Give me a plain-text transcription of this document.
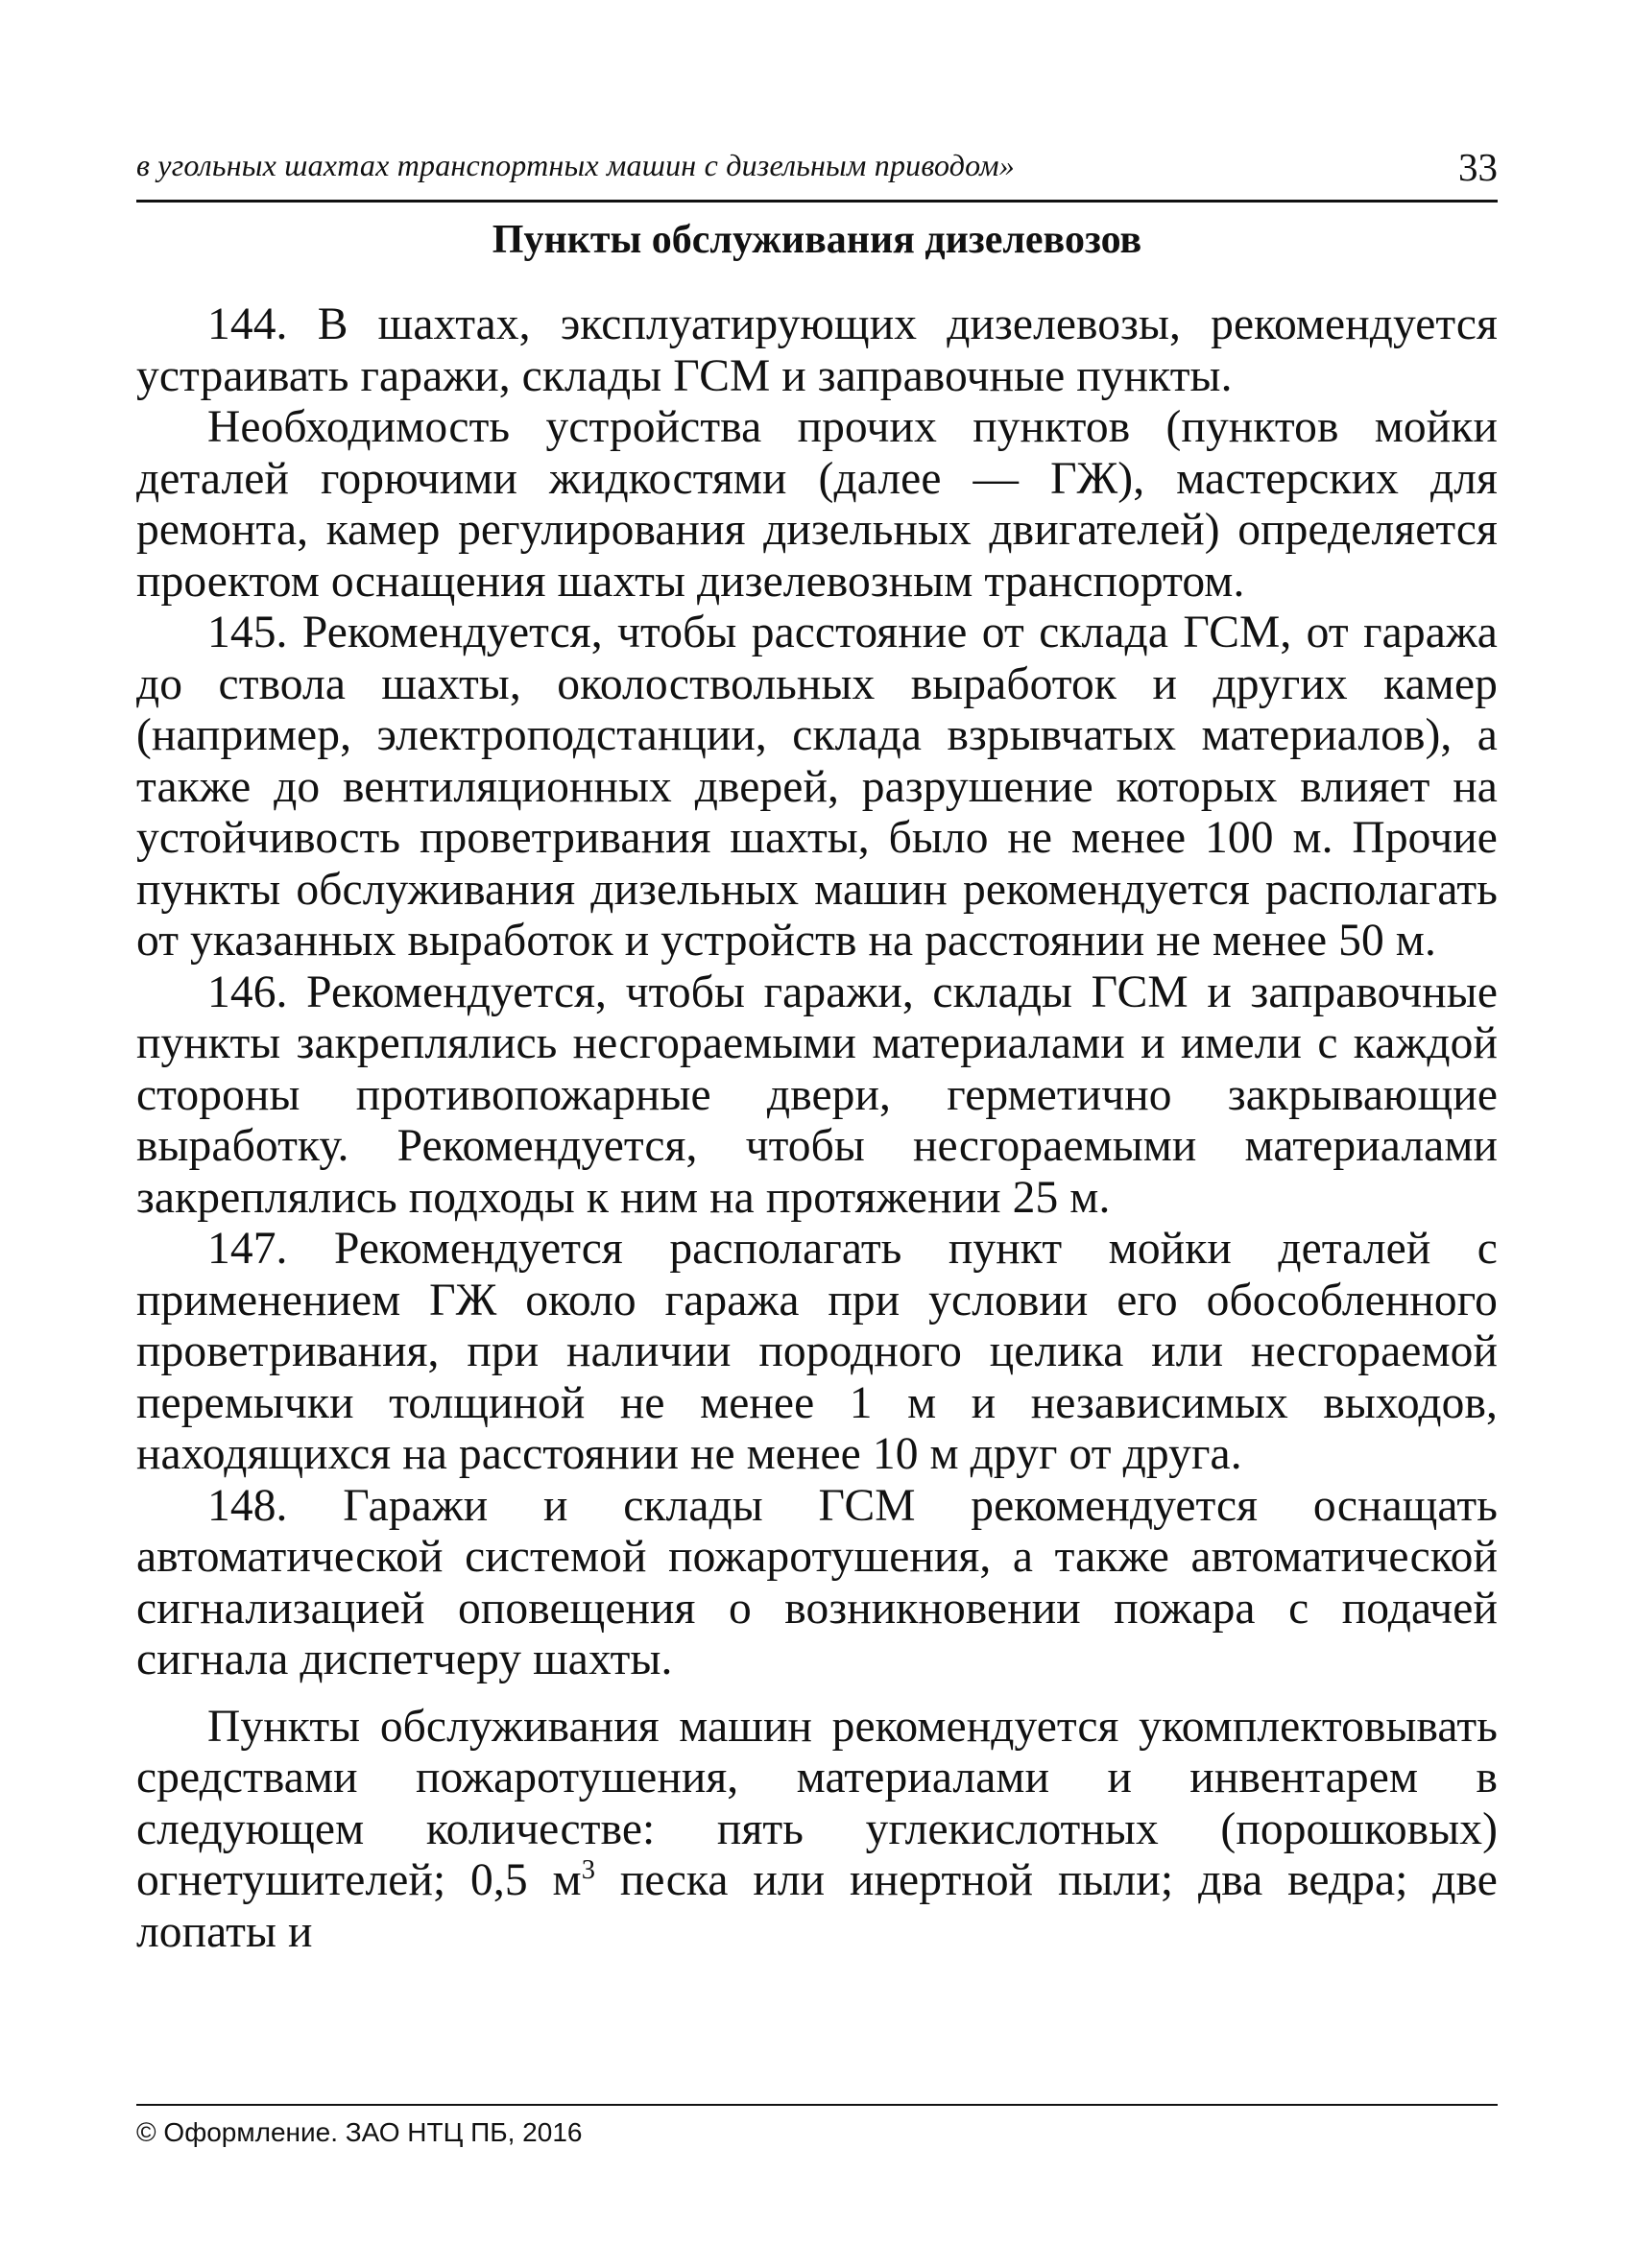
в угольных шахтах транспортных машин с дизельным приводом»	33
Пункты обслуживания дизелевозов

144. В шахтах, эксплуатирующих дизелевозы, рекомендуется устраивать гаражи, склады ГСМ и заправочные пункты.

Необходимость устройства прочих пунктов (пунктов мойки деталей горючими жидкостями (далее — ГЖ), мастерских для ремонта, камер регулирования дизельных двигателей) определяется проектом оснащения шахты дизелевозным транспортом.

145. Рекомендуется, чтобы расстояние от склада ГСМ, от гаража до ствола шахты, околоствольных выработок и других камер (например, электроподстанции, склада взрывчатых материалов), а также до вентиляционных дверей, разрушение которых влияет на устойчивость проветривания шахты, было не менее 100 м. Прочие пункты обслуживания дизельных машин рекомендуется располагать от указанных выработок и устройств на расстоянии не менее 50 м.

146. Рекомендуется, чтобы гаражи, склады ГСМ и заправочные пункты закреплялись несгораемыми материалами и имели с каждой стороны противопожарные двери, герметично закрывающие выработку. Рекомендуется, чтобы несгораемыми материалами закреплялись подходы к ним на протяжении 25 м.

147. Рекомендуется располагать пункт мойки деталей с применением ГЖ около гаража при условии его обособленного проветривания, при наличии породного целика или несгораемой перемычки толщиной не менее 1 м и независимых выходов, находящихся на расстоянии не менее 10 м друг от друга.

148. Гаражи и склады ГСМ рекомендуется оснащать автоматической системой пожаротушения, а также автоматической сигнализацией оповещения о возникновении пожара с подачей сигнала диспетчеру шахты.

Пункты обслуживания машин рекомендуется укомплектовывать средствами пожаротушения, материалами и инвентарем в следующем количестве: пять углекислотных (порошковых) огнетушителей; 0,5 $м^3$ песка или инертной пыли; два ведра; две лопаты и

© Оформление. ЗАО НТЦ ПБ, 2016
